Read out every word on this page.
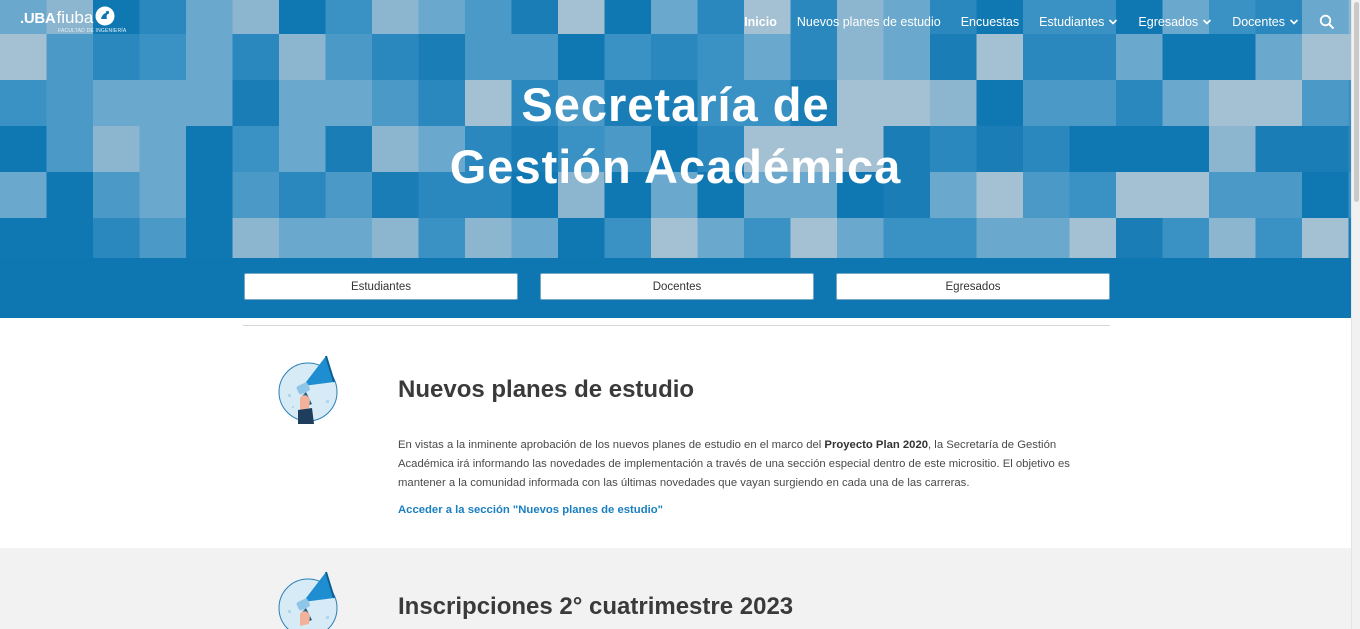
.UBA fiuba
FACULTAD DE INGENIERÍA
Inicio Nuevos planes de estudio Encuestas Estudiantes	Egresados	Docentes
Secretaría de
Gestión Académica
Estudiantes	Docentes	Egresados
Nuevos planes de estudio

En vistas a la inminente aprobación de los nuevos planes de estudio en el marco del Proyecto Plan 2020, la Secretaría de Gestión Académica irá informando las novedades de implementación a través de una sección especial dentro de este micrositio. El objetivo es mantener a la comunidad informada con las últimas novedades que vayan surgiendo en cada una de las carreras.

Acceder a la sección "Nuevos planes de estudio"
Inscripciones 2° cuatrimestre 2023
